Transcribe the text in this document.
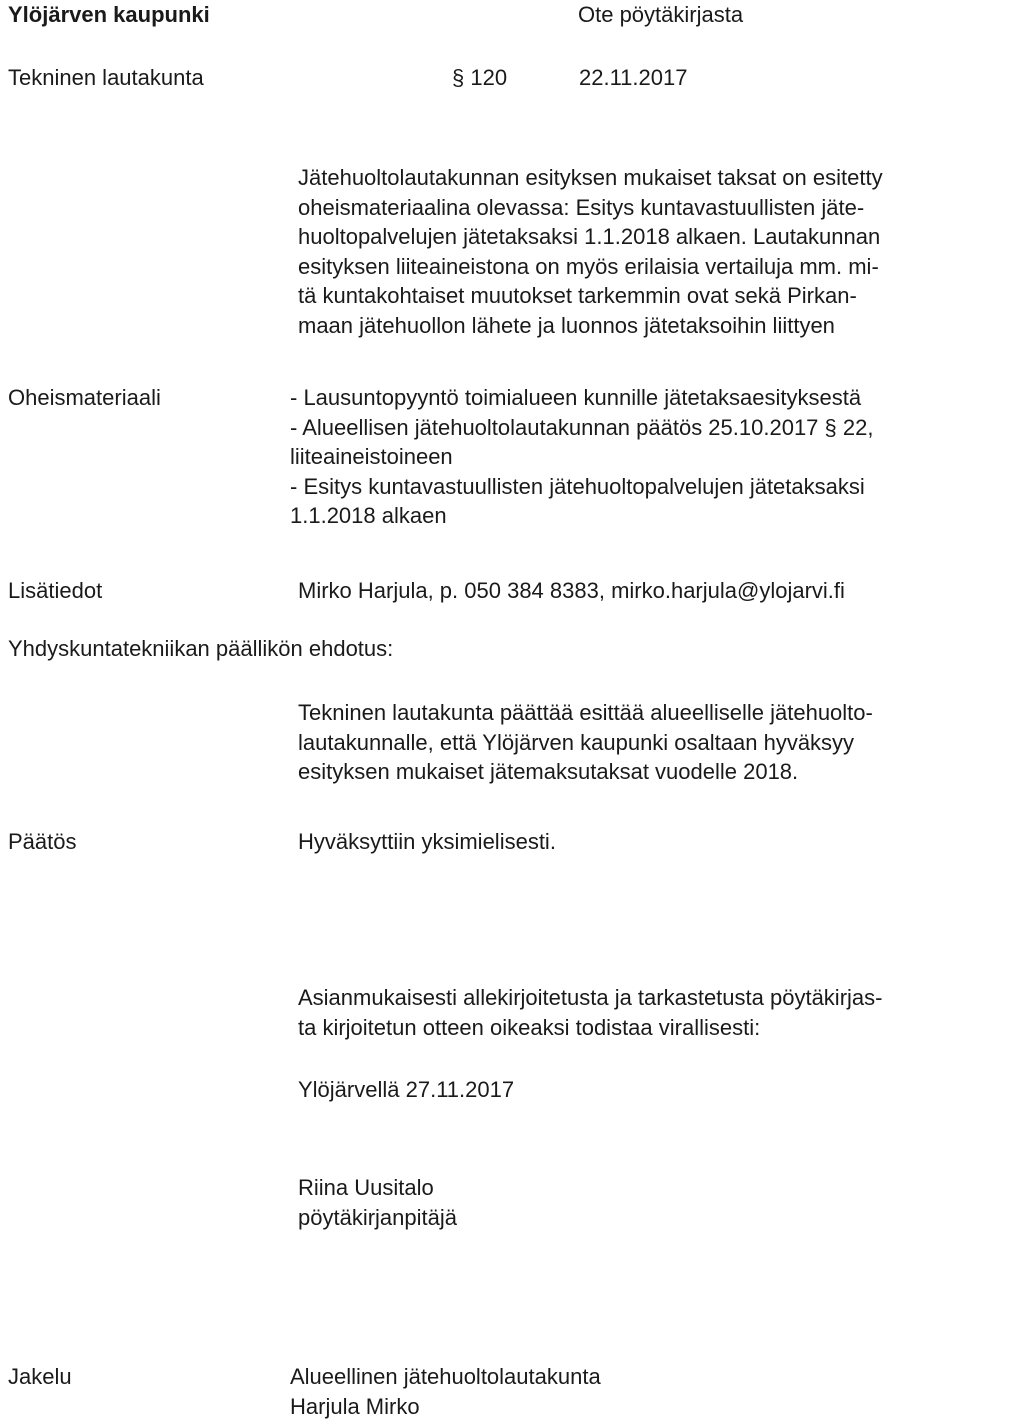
Ylöjärven kaupunki	Ote pöytäkirjasta
Tekninen lautakunta	§ 120	22.11.2017
Jätehuoltolautakunnan esityksen mukaiset taksat on esitetty
oheismateriaalina olevassa: Esitys kuntavastuullisten jäte-
huoltopalvelujen jätetaksaksi 1.1.2018 alkaen. Lautakunnan
esityksen liiteaineistona on myös erilaisia vertailuja mm. mi-
tä kuntakohtaiset muutokset tarkemmin ovat sekä Pirkan-
maan jätehuollon lähete ja luonnos jätetaksoihin liittyen
Oheismateriaali	- Lausuntopyyntö toimialueen kunnille jätetaksaesityksestä
- Alueellisen jätehuoltolautakunnan päätös 25.10.2017 § 22,
liiteaineistoineen
- Esitys kuntavastuullisten jätehuoltopalvelujen jätetaksaksi
1.1.2018 alkaen
Lisätiedot	Mirko Harjula, p. 050 384 8383, mirko.harjula@ylojarvi.fi
Yhdyskuntatekniikan päällikön ehdotus:
Tekninen lautakunta päättää esittää alueelliselle jätehuolto-
lautakunnalle, että Ylöjärven kaupunki osaltaan hyväksyy
esityksen mukaiset jätemaksutaksat vuodelle 2018.
Päätös	Hyväksyttiin yksimielisesti.
Asianmukaisesti allekirjoitetusta ja tarkastetusta pöytäkirjas-
ta kirjoitetun otteen oikeaksi todistaa virallisesti:
Ylöjärvellä 27.11.2017
Riina Uusitalo
pöytäkirjanpitäjä
Jakelu	Alueellinen jätehuoltolautakunta
Harjula Mirko
